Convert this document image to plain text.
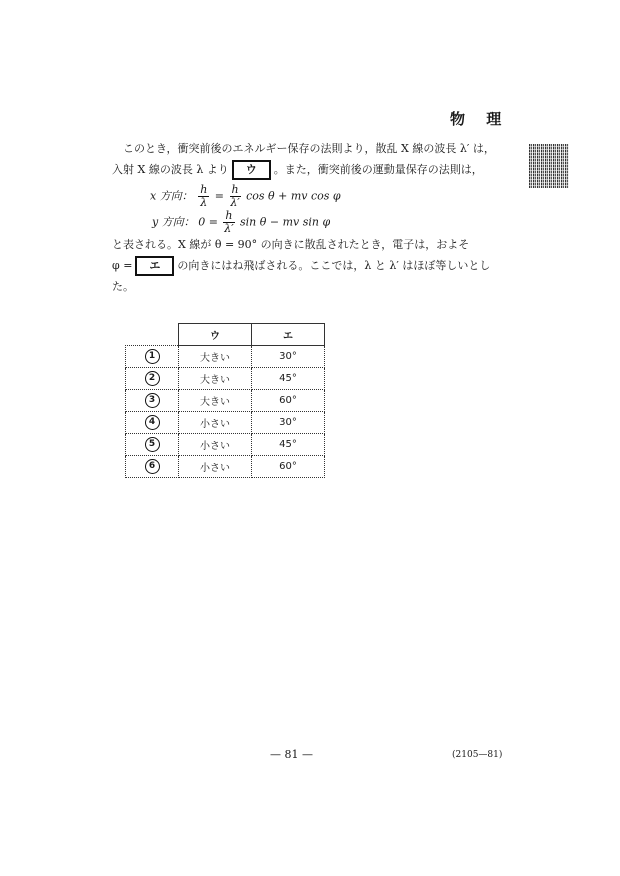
物 理
このとき，衝突前後のエネルギー保存の法則より，散乱 X 線の波長 λ′ は，
入射 X 線の波長 λ より ウ 。また，衝突前後の運動量保存の法則は，
x 方向： $\frac{h}{\lambda} = \frac{h}{\lambda'}$ cos θ + mv cos φ
y 方向： $0 = \frac{h}{\lambda'}$ sin θ − mv sin φ
と表される。X 線が θ = 90° の向きに散乱されたとき，電子は，およそ
φ = エ の向きにはね飛ばされる。ここでは，λ と λ′ はほぼ等しいとし
た。
	ウ	エ
1	大きい	30°
2	大きい	45°
3	大きい	60°
4	小さい	30°
5	小さい	45°
6	小さい	60°
— 81 —	(2105—81)
